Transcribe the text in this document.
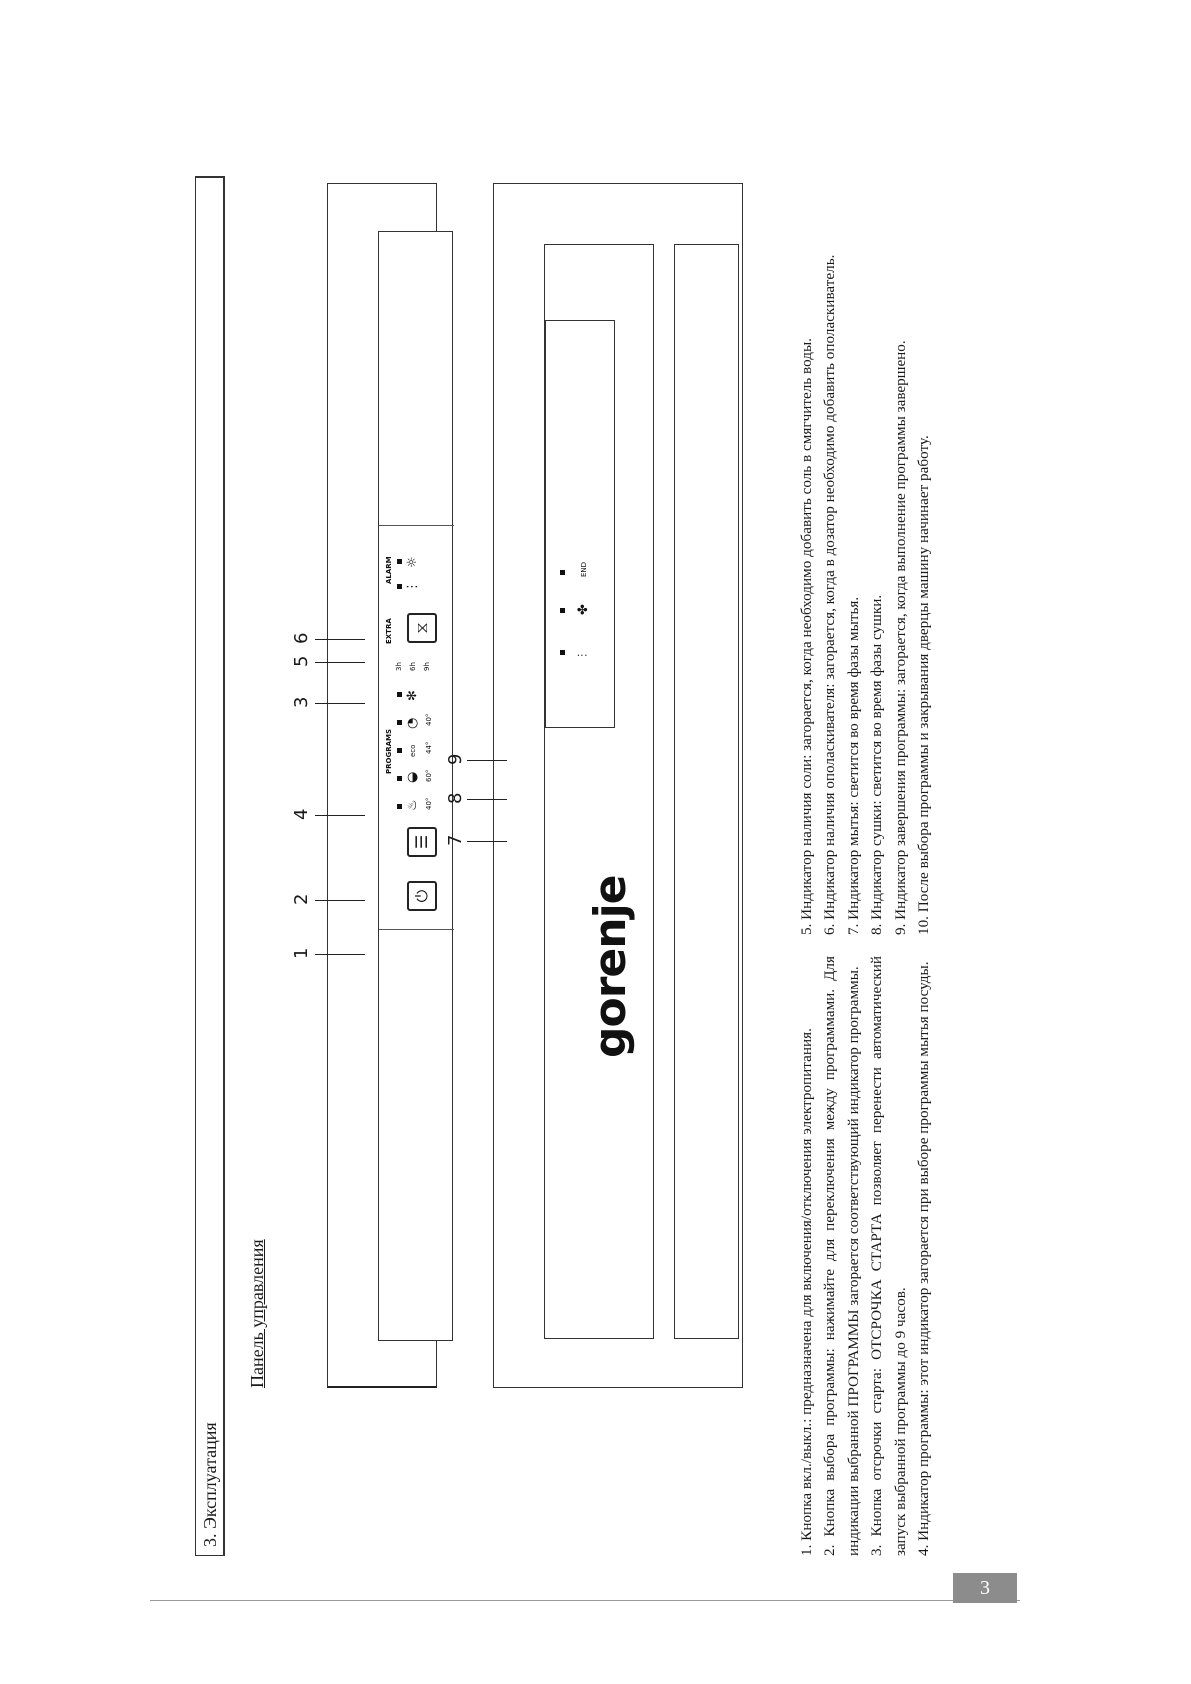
3. Эксплуатация
Панель управления
⏻
☰
PROGRAMS
♨
◒
eco
◔
✻
40°
60°
44°
40°
3h 6h 9h
EXTRA	⧖
ALARM
⋮
☼
1
2
4
3
5
6
gorenje
⫶
✤
END
7
8
9

1. Кнопка вкл./выкл.: предназначена для включения/отключения электропитания. 2. Кнопка выбора программы: нажимайте для переключения между программами. Для индикации выбранной ПРОГРАММЫ загорается соответствующий индикатор программы. 3. Кнопка отсрочки старта: ОТСРОЧКА СТАРТА позволяет перенести автоматический запуск выбранной программы до 9 часов. 4. Индикатор программы: этот индикатор загорается при выборе программы мытья посуды.

5. Индикатор наличия соли: загорается, когда необходимо добавить соль в смягчитель воды. 6. Индикатор наличия ополаскивателя: загорается, когда в дозатор необходимо добавить ополаскиватель. 7. Индикатор мытья: светится во время фазы мытья. 8. Индикатор сушки: светится во время фазы сушки. 9. Индикатор завершения программы: загорается, когда выполнение программы завершено. 10. После выбора программы и закрывания дверцы машину начинает работу.

3
